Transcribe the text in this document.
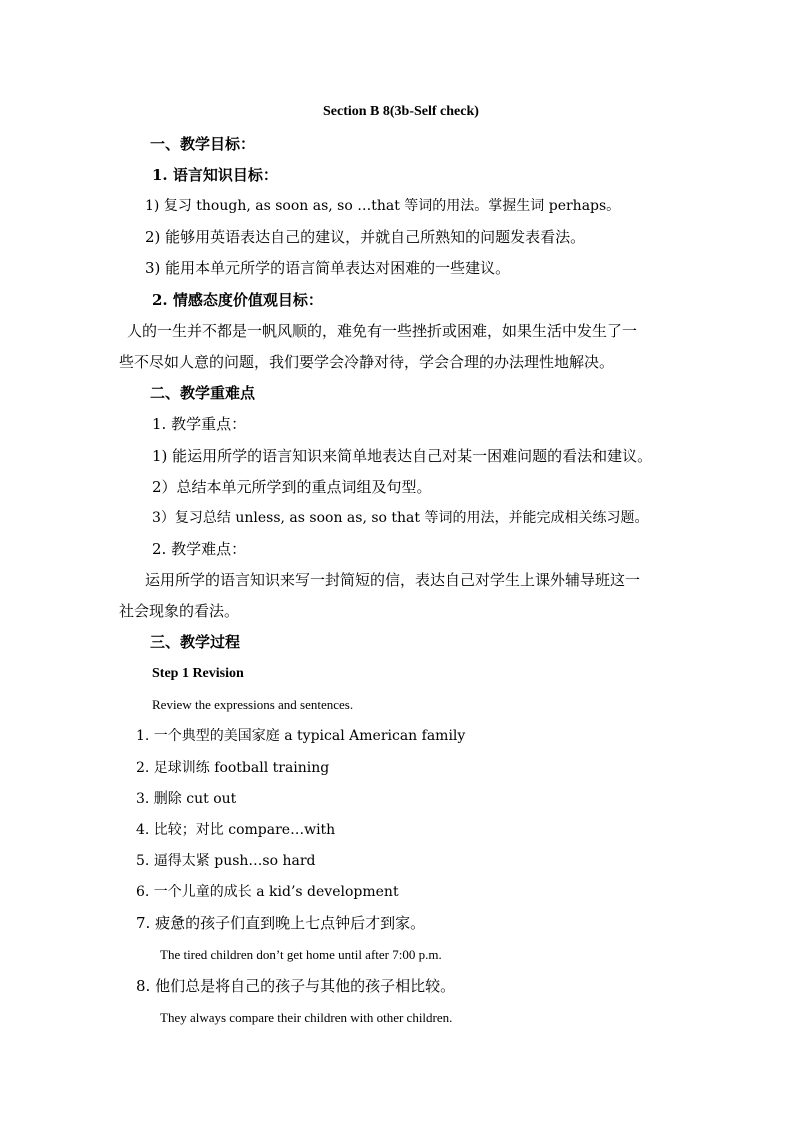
Section B 8(3b-Self check)
一、教学目标：
1. 语言知识目标：
1) 复习 though, as soon as, so …that 等词的用法。掌握生词 perhaps。
2) 能够用英语表达自己的建议，并就自己所熟知的问题发表看法。
3) 能用本单元所学的语言简单表达对困难的一些建议。
2. 情感态度价值观目标：
人的一生并不都是一帆风顺的，难免有一些挫折或困难，如果生活中发生了一
些不尽如人意的问题，我们要学会冷静对待，学会合理的办法理性地解决。
二、教学重难点
1. 教学重点：
1) 能运用所学的语言知识来简单地表达自己对某一困难问题的看法和建议。
2）总结本单元所学到的重点词组及句型。
3）复习总结 unless, as soon as, so that 等词的用法，并能完成相关练习题。
2. 教学难点：
运用所学的语言知识来写一封简短的信，表达自己对学生上课外辅导班这一
社会现象的看法。
三、教学过程
Step 1 Revision
Review the expressions and sentences.
1. 一个典型的美国家庭 a typical American family
2. 足球训练 football training
3. 删除 cut out
4. 比较；对比 compare…with
5. 逼得太紧 push…so hard
6. 一个儿童的成长 a kid’s development
7. 疲惫的孩子们直到晚上七点钟后才到家。
The tired children don’t get home until after 7:00 p.m.
8. 他们总是将自己的孩子与其他的孩子相比较。
They always compare their children with other children.
